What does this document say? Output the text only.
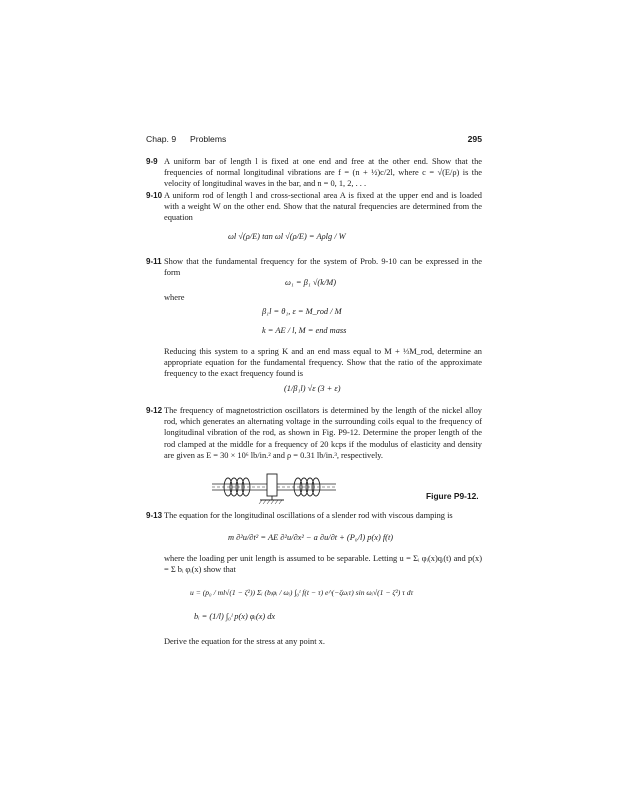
Chap. 9 Problems	295
9-9 A uniform bar of length l is fixed at one end and free at the other end. Show that the frequencies of normal longitudinal vibrations are f = (n + ½)c/2l, where c = √(E/ρ) is the velocity of longitudinal waves in the bar, and n = 0, 1, 2, . . .

9-10 A uniform rod of length l and cross-sectional area A is fixed at the upper end and is loaded with a weight W on the other end. Show that the natural frequencies are determined from the equation

ωl √(ρ/E) tan ωl √(ρ/E) = Aρlg / W
9-11 Show that the fundamental frequency for the system of Prob. 9-10 can be expressed in the form

ω₁ = β₁ √(k/M)
where
β₁l = θ₁, ε = M_rod / M
k = AE / l, M = end mass
Reducing this system to a spring K and an end mass equal to M + ⅓M_rod, determine an appropriate equation for the fundamental frequency. Show that the ratio of the approximate frequency to the exact frequency found is
(1/β₁l) √ε (3 + ε)
9-12 The frequency of magnetostriction oscillators is determined by the length of the nickel alloy rod, which generates an alternating voltage in the surrounding coils equal to the frequency of longitudinal vibration of the rod, as shown in Fig. P9-12. Determine the proper length of the rod clamped at the middle for a frequency of 20 kcps if the modulus of elasticity and density are given as E = 30 × 10⁶ lb/in.² and ρ = 0.31 lb/in.³, respectively.

Figure P9-12.
9-13 The equation for the longitudinal oscillations of a slender rod with viscous damping is

m ∂²u/∂t² = AE ∂²u/∂x² − a ∂u/∂t + (P₀/l) p(x) f(t)
where the loading per unit length is assumed to be separable. Letting u = Σᵢ φᵢ(x)qᵢ(t) and p(x) = Σ bᵢ φᵢ(x) show that
u = (p₀ / ml√(1 − ζ²)) Σᵢ (bᵢφᵢ / ωᵢ) ∫₀ᵗ f(t − τ) e^(−ζωᵢτ) sin ωᵢ√(1 − ζ²) τ dτ
bᵢ = (1/l) ∫₀ˡ p(x) φᵢ(x) dx
Derive the equation for the stress at any point x.
